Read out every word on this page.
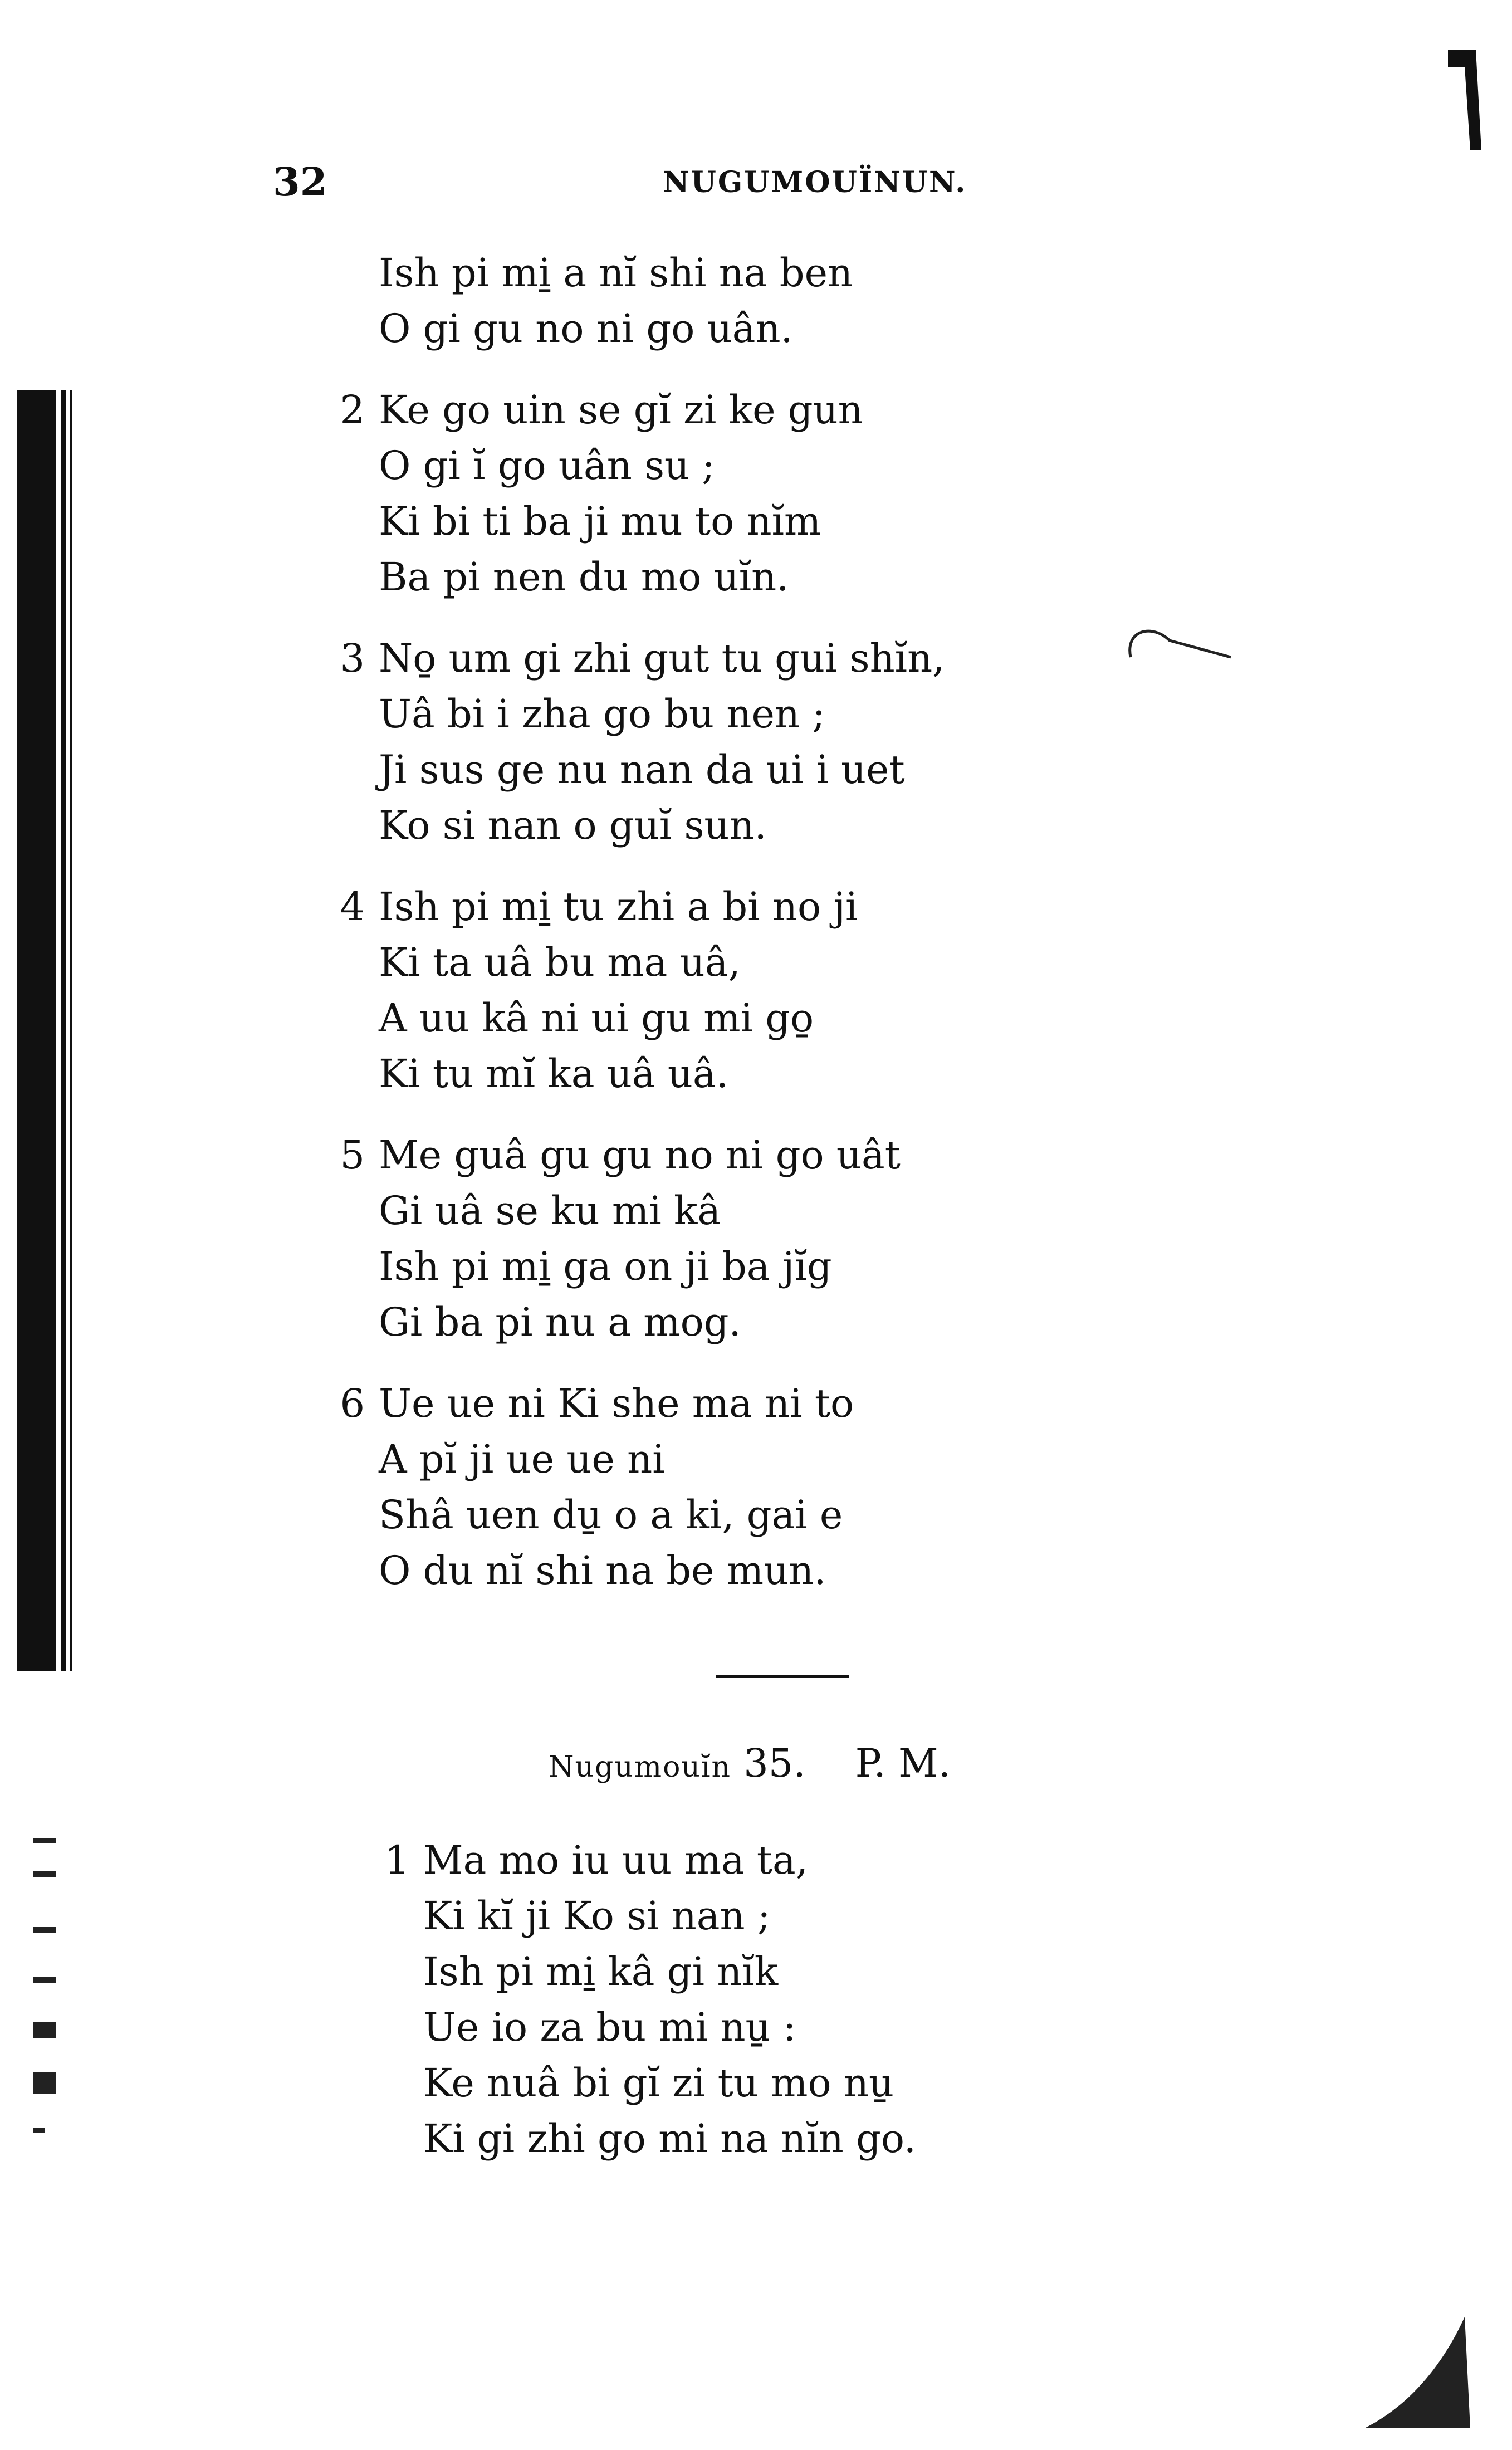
32	NUGUMOUÏNUN.
Ish pi mi̱ a nĭ shi na ben
O gi gu no ni go uân.
2 Ke go uin se gĭ zi ke gun
O gi ĭ go uân su ;
Ki bi ti ba ji mu to nĭm
Ba pi nen du mo uĭn.
3 No̱ um gi zhi gut tu gui shĭn,
Uâ bi i zha go bu nen ;
Ji sus ge nu nan da ui i uet
Ko si nan o guĭ sun.
4 Ish pi mi̱ tu zhi a bi no ji
Ki ta uâ bu ma uâ,
A uu kâ ni ui gu mi go̱
Ki tu mĭ ka uâ uâ.
5 Me guâ gu gu no ni go uât
Gi uâ se ku mi kâ
Ish pi mi̱ ga on ji ba jĭg
Gi ba pi nu a mog.
6 Ue ue ni Ki she ma ni to
A pĭ ji ue ue ni
Shâ uen du̱ o a ki, gai e
O du nĭ shi na be mun.
Nugumouĭn 35. P. M.
1 Ma mo iu uu ma ta,
Ki kĭ ji Ko si nan ;
Ish pi mi̱ kâ gi nĭk
Ue io za bu mi nu̱ :
Ke nuâ bi gĭ zi tu mo nu̱
Ki gi zhi go mi na nĭn go.
